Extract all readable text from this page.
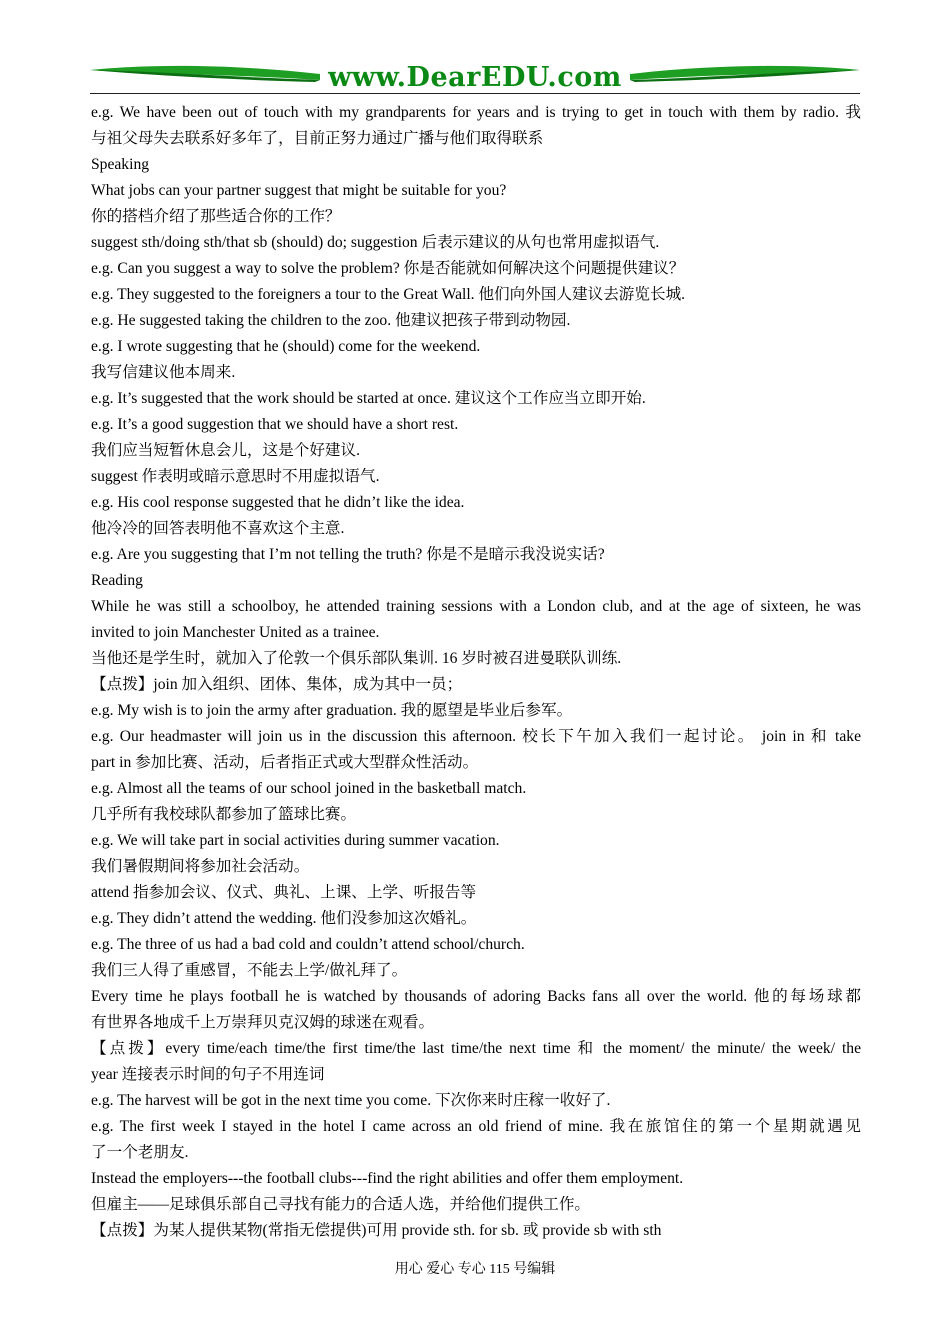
www.DearEDU.com
e.g. We have been out of touch with my grandparents for years and is trying to get in touch with them by radio. 我
与祖父母失去联系好多年了，目前正努力通过广播与他们取得联系
Speaking
What jobs can your partner suggest that might be suitable for you?
你的搭档介绍了那些适合你的工作？
suggest sth/doing sth/that sb (should) do; suggestion 后表示建议的从句也常用虚拟语气.
e.g. Can you suggest a way to solve the problem? 你是否能就如何解决这个问题提供建议？
e.g. They suggested to the foreigners a tour to the Great Wall. 他们向外国人建议去游览长城.
e.g. He suggested taking the children to the zoo. 他建议把孩子带到动物园.
e.g. I wrote suggesting that he (should) come for the weekend.
我写信建议他本周来.
e.g. It’s suggested that the work should be started at once. 建议这个工作应当立即开始.
e.g. It’s a good suggestion that we should have a short rest.
我们应当短暂休息会儿，这是个好建议.
suggest 作表明或暗示意思时不用虚拟语气.
e.g. His cool response suggested that he didn’t like the idea.
他冷冷的回答表明他不喜欢这个主意.
e.g. Are you suggesting that I’m not telling the truth? 你是不是暗示我没说实话?
Reading
While he was still a schoolboy, he attended training sessions with a London club, and at the age of sixteen, he was
invited to join Manchester United as a trainee.
当他还是学生时，就加入了伦敦一个俱乐部队集训. 16 岁时被召进曼联队训练.
【点拨】join 加入组织、团体、集体，成为其中一员；
e.g. My wish is to join the army after graduation. 我的愿望是毕业后参军。
e.g. Our headmaster will join us in the discussion this afternoon. 校长下午加入我们一起讨论。 join in 和 take
part in 参加比赛、活动，后者指正式或大型群众性活动。
e.g. Almost all the teams of our school joined in the basketball match.
几乎所有我校球队都参加了篮球比赛。
e.g. We will take part in social activities during summer vacation.
我们暑假期间将参加社会活动。
attend 指参加会议、仪式、典礼、上课、上学、听报告等
e.g. They didn’t attend the wedding. 他们没参加这次婚礼。
e.g. The three of us had a bad cold and couldn’t attend school/church.
我们三人得了重感冒，不能去上学/做礼拜了。
Every time he plays football he is watched by thousands of adoring Backs fans all over the world. 他的每场球都
有世界各地成千上万崇拜贝克汉姆的球迷在观看。
【点拨】every time/each time/the first time/the last time/the next time 和 the moment/ the minute/ the week/ the
year 连接表示时间的句子不用连词
e.g. The harvest will be got in the next time you come. 下次你来时庄稼一收好了.
e.g. The first week I stayed in the hotel I came across an old friend of mine. 我在旅馆住的第一个星期就遇见
了一个老朋友.
Instead the employers---the football clubs---find the right abilities and offer them employment.
但雇主——足球俱乐部自己寻找有能力的合适人选，并给他们提供工作。
【点拨】为某人提供某物(常指无偿提供)可用 provide sth. for sb. 或 provide sb with sth
用心 爱心 专心 115 号编辑
